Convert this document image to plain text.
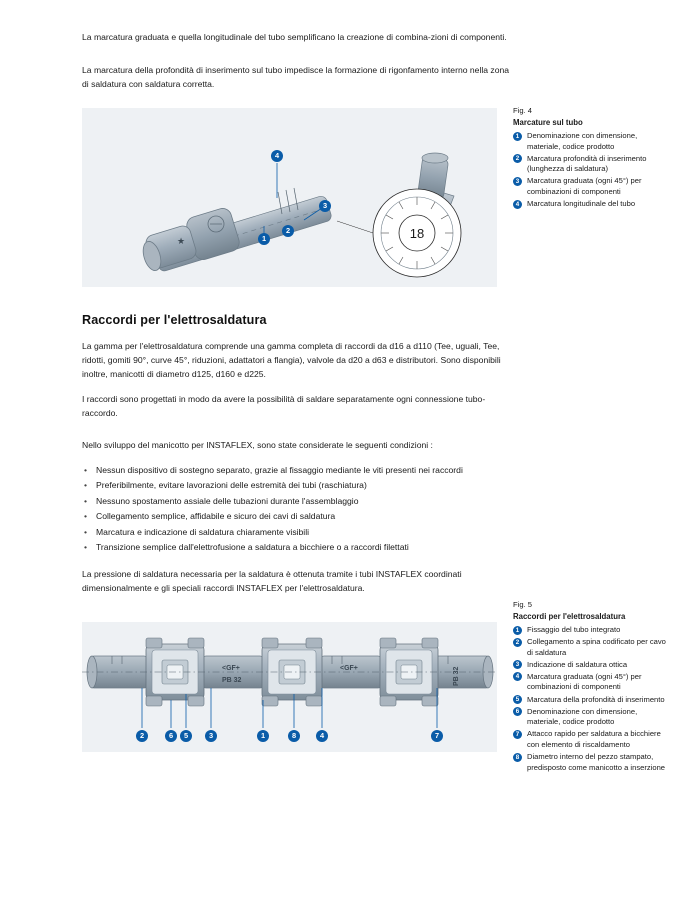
La marcatura graduata e quella longitudinale del tubo semplificano la creazione di combina-zioni di componenti.
La marcatura della profondità di inserimento sul tubo impedisce la formazione di rigonfamento interno nella zona di saldatura con saldatura corretta.
★	18
4
3
1
2
Fig. 4
Marcature sul tubo
1	Denominazione con dimensione, materiale, codice prodotto
2	Marcatura profondità di inserimento (lunghezza di saldatura)
3	Marcatura graduata (ogni 45°) per combinazioni di componenti
4	Marcatura longitudinale del tubo
Raccordi per l'elettrosaldatura
La gamma per l'elettrosaldatura comprende una gamma completa di raccordi da d16 a d110 (Tee, uguali, Tee, ridotti, gomiti 90°, curve 45°, riduzioni, adattatori a flangia), valvole da d20 a d63 e distributori. Sono disponibili inoltre, manicotti di diametro d125, d160 e d225.
I raccordi sono progettati in modo da avere la possibilità di saldare separatamente ogni connessione tubo-raccordo.
Nello sviluppo del manicotto per INSTAFLEX, sono state considerate le seguenti condizioni :
• Nessun dispositivo di sostegno separato, grazie al fissaggio mediante le viti presenti nei raccordi
• Preferibilmente, evitare lavorazioni delle estremità dei tubi (raschiatura)
• Nessuno spostamento assiale delle tubazioni durante l'assemblaggio
• Collegamento semplice, affidabile e sicuro dei cavi di saldatura
• Marcatura e indicazione di saldatura chiaramente visibili
• Transizione semplice dall'elettrofusione a saldatura a bicchiere o a raccordi filettati
La pressione di saldatura necessaria per la saldatura è ottenuta tramite i tubi INSTAFLEX coordinati dimensionalmente e gli speciali raccordi INSTAFLEX per l'elettrosaldatura.
<GF+
PB 32
<GF+	PB 32
2	6	5	3	1	8	4	7
Fig. 5
Raccordi per l'elettrosaldatura
1	Fissaggio del tubo integrato
2	Collegamento a spina codificato per cavo di saldatura
3	Indicazione di saldatura ottica
4	Marcatura graduata (ogni 45°) per combinazioni di componenti
5	Marcatura della profondità di inserimento
6	Denominazione con dimensione, materiale, codice prodotto
7	Attacco rapido per saldatura a bicchiere con elemento di riscaldamento
8	Diametro interno del pezzo stampato, predisposto come manicotto a inserzione
